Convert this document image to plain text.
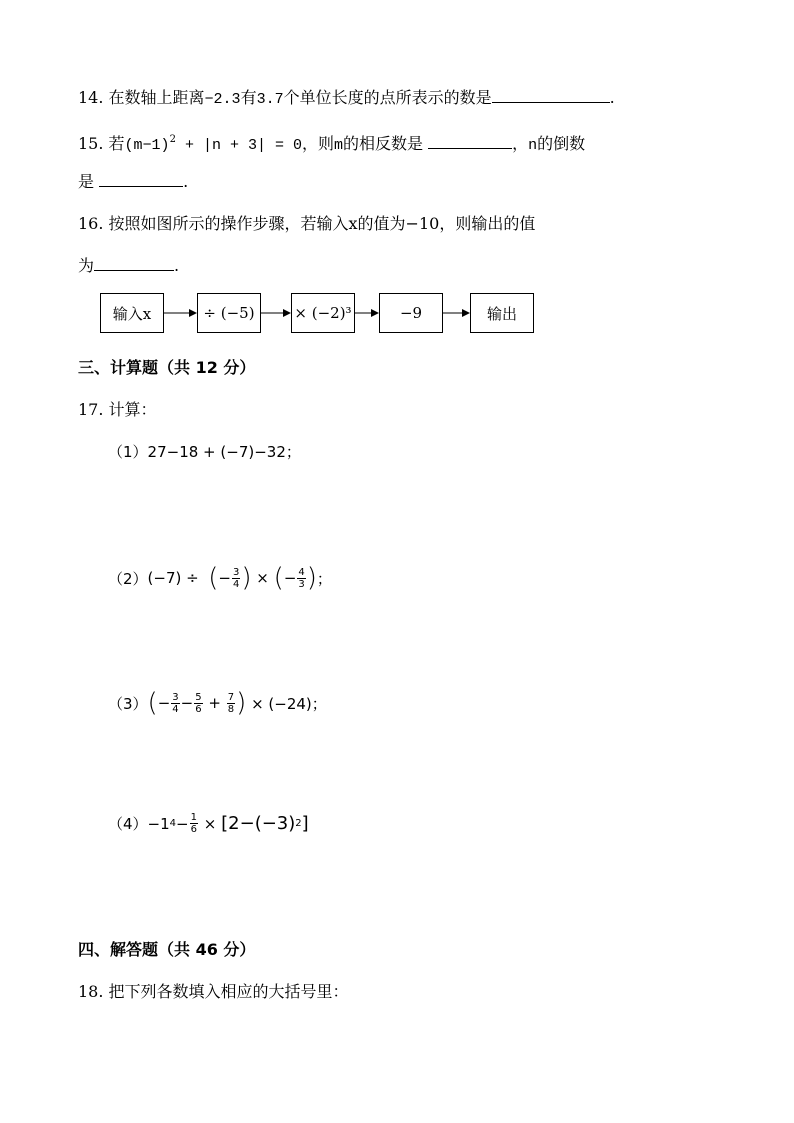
14. 在数轴上距离−2.3有3.7个单位长度的点所表示的数是	.
15. 若$(m-1)^2 + |n + 3| = 0$，则m的相反数是	，n的倒数
是	.
16. 按照如图所示的操作步骤，若输入x的值为−10，则输出的值
为	.
输入x	÷ (−5)	× (−2)³	−9	输出
三、计算题（共 12 分）
17. 计算：
（1） 27−18 + (−7)−32；
（2） (−7) ÷
( − $\frac{3}{4}$ )
×
( − $\frac{4}{3}$ ) ；
（3） ( − $\frac{3}{4} - \frac{5}{6}$
+
$\frac{7}{8}$ )
× (−24)；
（4） −1 $4 - \frac{1}{6}$
×
[2−(−3) 2 ]
四、解答题（共 46 分）
18. 把下列各数填入相应的大括号里：
